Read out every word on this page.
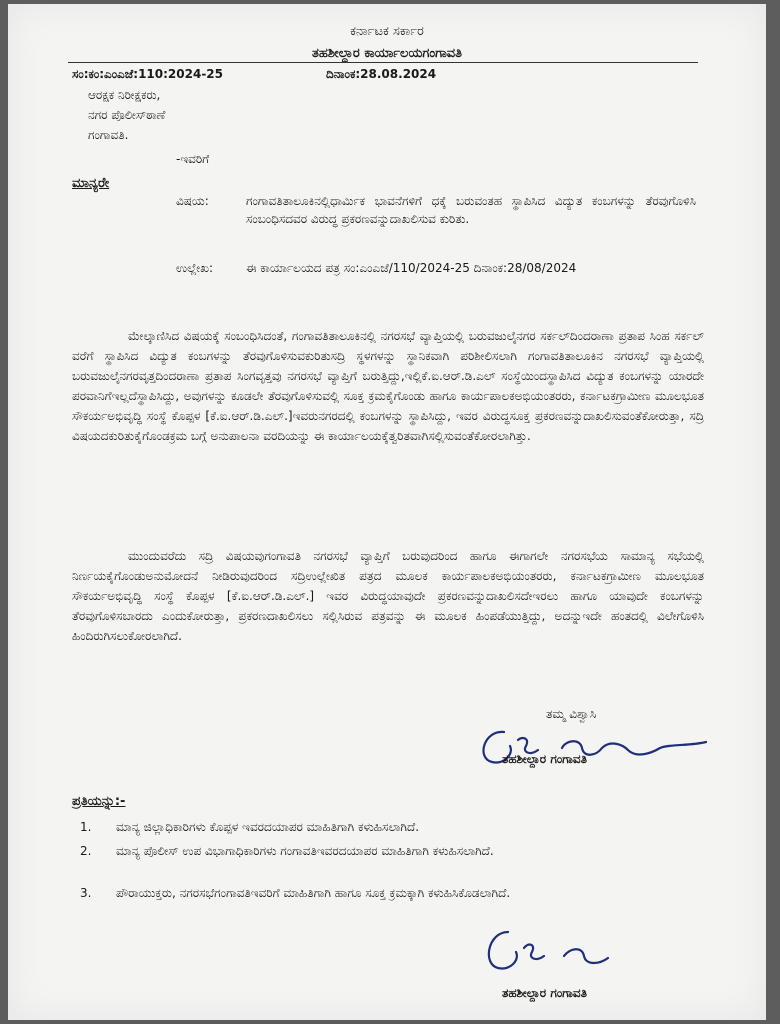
ಕರ್ನಾಟಕ ಸರ್ಕಾರ
ತಹಶೀಲ್ದಾರ ಕಾರ್ಯಾಲಯಗಂಗಾವತಿ
ಸಂ:ಕಂ:ಎಂಎಜೆ:110:2024-25	ದಿನಾಂಕ:28.08.2024
ಆರಕ್ಷಕ ನಿರೀಕ್ಷಕರು,
ನಗರ ಪೊಲೀಸ್‌ಠಾಣೆ
ಗಂಗಾವತಿ.
-ಇವರಿಗೆ
ಮಾನ್ಯರೇ
ವಿಷಯ:	ಗಂಗಾವತಿತಾಲೂಕಿನಲ್ಲಿಧಾರ್ಮಿಕ ಭಾವನೆಗಳಿಗೆ ಧಕ್ಕೆ ಬರುವಂತಹ ಸ್ಥಾಪಿಸಿದ ವಿದ್ಯುತ ಕಂಬಗಳನ್ನು ತೆರವುಗೊಳಿಸಿ ಸಂಬಂಧಿಸದವರ ವಿರುದ್ಧ ಪ್ರಕರಣವನ್ನುದಾಖಲಿಸುವ ಕುರಿತು.
ಉಲ್ಲೇಖ:	ಈ ಕಾರ್ಯಾಲಯದ ಪತ್ರ ಸಂ:ಎಂಎಜೆ/110/2024-25 ದಿನಾಂಕ:28/08/2024
ಮೇಲ್ಕಾಣಿಸಿದ ವಿಷಯಕ್ಕೆ ಸಂಬಂಧಿಸಿದಂತೆ, ಗಂಗಾವತಿತಾಲೂಕಿನಲ್ಲಿ ನಗರಸಭೆ ವ್ಯಾಪ್ತಿಯಲ್ಲಿ ಬರುವಜುಲೈನಗರ ಸರ್ಕಲ್‌ದಿಂದರಾಣಾ ಪ್ರತಾಪ ಸಿಂಹ ಸರ್ಕಲ್ ವರೆಗೆ ಸ್ಥಾಪಿಸಿದ ವಿದ್ಯುತ ಕಂಬಗಳನ್ನು ತೆರವುಗೊಳಿಸುವಕುರಿತುಸದ್ರಿ ಸ್ಥಳಗಳನ್ನು ಸ್ಥಾನಿಕವಾಗಿ ಪರಿಶೀಲಿಸಲಾಗಿ ಗಂಗಾವತಿತಾಲೂಕಿನ ನಗರಸಭೆ ವ್ಯಾಪ್ತಿಯಲ್ಲಿ ಬರುವಜುಲೈನಗರವೃತ್ತದಿಂದರಾಣಾ ಪ್ರತಾಪ ಸಿಂಗವೃತ್ತವು ನಗರಸಭೆ ವ್ಯಾಪ್ತಿಗೆ ಬರುತ್ತಿದ್ದು,ಇಲ್ಲಿಕೆ.ಐ.ಆರ್.ಡಿ.ಎಲ್ ಸಂಸ್ಥೆಯಿಂದಸ್ಥಾಪಿಸಿದ ವಿದ್ಯುತ ಕಂಬಗಳನ್ನು ಯಾರದೇ ಪರವಾನಿಗೆಇಲ್ಲದೆಸ್ಥಾಪಿಸಿದ್ದು, ಅವುಗಳನ್ನು ಕೂಡಲೇ ತೆರವುಗೊಳಿಸುವಲ್ಲಿ ಸೂಕ್ತ ಕ್ರಮಕೈಗೊಂಡು ಹಾಗೂ ಕಾರ್ಯಪಾಲಕಅಭಿಯಂತರರು, ಕರ್ನಾಟಕಗ್ರಾಮೀಣ ಮೂಲಭೂತ ಸೌಕರ್ಯಅಭಿವೃದ್ಧಿ ಸಂಸ್ಥೆ ಕೊಪ್ಪಳ [ಕೆ.ಐ.ಆರ್.ಡಿ.ಎಲ್.]ಇವರುನಗರದಲ್ಲಿ ಕಂಬಗಳನ್ನು ಸ್ಥಾಪಿಸಿದ್ದು, ಇವರ ವಿರುದ್ಧಸೂಕ್ತ ಪ್ರಕರಣವನ್ನುದಾಖಲಿಸುವಂತೆಕೋರುತ್ತಾ, ಸದ್ರಿ ವಿಷಯದಕುರಿತುಕೈಗೊಂಡಕ್ರಮ ಬಗ್ಗೆ ಅನುಪಾಲನಾ ವರದಿಯನ್ನು ಈ ಕಾರ್ಯಾಲಯಕ್ಕೆತ್ವರಿತವಾಗಿಸಲ್ಲಿಸುವಂತೆಕೋರಲಾಗಿತ್ತು.
ಮುಂದುವರೆದು ಸದ್ರಿ ವಿಷಯವುಗಂಗಾವತಿ ನಗರಸಭೆ ವ್ಯಾಪ್ತಿಗೆ ಬರುವುದರಿಂದ ಹಾಗೂ ಈಗಾಗಲೇ ನಗರಸಭೆಯ ಸಾಮಾನ್ಯ ಸಭೆಯಲ್ಲಿ ನಿರ್ಣಯಕೈಗೊಂಡುಅನುಮೋದನೆ ನೀಡಿರುವುದರಿಂದ ಸದ್ರಿಉಲ್ಲೇಖಿತ ಪತ್ರದ ಮೂಲಕ ಕಾರ್ಯಪಾಲಕಅಭಿಯಂತರರು, ಕರ್ನಾಟಕಗ್ರಾಮೀಣ ಮೂಲಭೂತ ಸೌಕರ್ಯಅಭಿವೃದ್ಧಿ ಸಂಸ್ಥೆ ಕೊಪ್ಪಳ [ಕೆ.ಐ.ಆರ್.ಡಿ.ಎಲ್.] ಇವರ ವಿರುದ್ಧಯಾವುದೇ ಪ್ರಕರಣವನ್ನುದಾಖಲಿಸದೇಇರಲು ಹಾಗೂ ಯಾವುದೇ ಕಂಬಗಳನ್ನು ತೆರವುಗೊಳಿಸಬಾರದು ಎಂದುಕೋರುತ್ತಾ, ಪ್ರಕರಣದಾಖಲಿಸಲು ಸಲ್ಲಿಸಿರುವ ಪತ್ರವನ್ನು ಈ ಮೂಲಕ ಹಿಂಪಡೆಯುತ್ತಿದ್ದು, ಅದನ್ನುಇದೇ ಹಂತದಲ್ಲಿ ವಿಲೇಗೊಳಿಸಿ ಹಿಂದಿರುಗಿಸಲುಕೋರಲಾಗಿದೆ.
ತಮ್ಮ ವಿಶ್ವಾಸಿ
ತಹಶೀಲ್ದಾರ ಗಂಗಾವತಿ
ಪ್ರತಿಯನ್ನು:-
1.	ಮಾನ್ಯ ಜಿಲ್ಲಾಧಿಕಾರಿಗಳು ಕೊಪ್ಪಳ ಇವರದಯಾಪರ ಮಾಹಿತಿಗಾಗಿ ಕಳುಹಿಸಲಾಗಿದೆ.
2.	ಮಾನ್ಯ ಪೊಲೀಸ್ ಉಪ ವಿಭಾಗಾಧಿಕಾರಿಗಳು ಗಂಗಾವತಿಇವರದಯಾಪರ ಮಾಹಿತಿಗಾಗಿ ಕಳುಹಿಸಲಾಗಿದೆ.
3.	ಪೌರಾಯುಕ್ತರು, ನಗರಸಭೆಗಂಗಾವತಿಇವರಿಗೆ ಮಾಹಿತಿಗಾಗಿ ಹಾಗೂ ಸೂಕ್ತ ಕ್ರಮಕ್ಕಾಗಿ ಕಳುಹಿಸಿಕೊಡಲಾಗಿದೆ.
ತಹಶೀಲ್ದಾರ ಗಂಗಾವತಿ
